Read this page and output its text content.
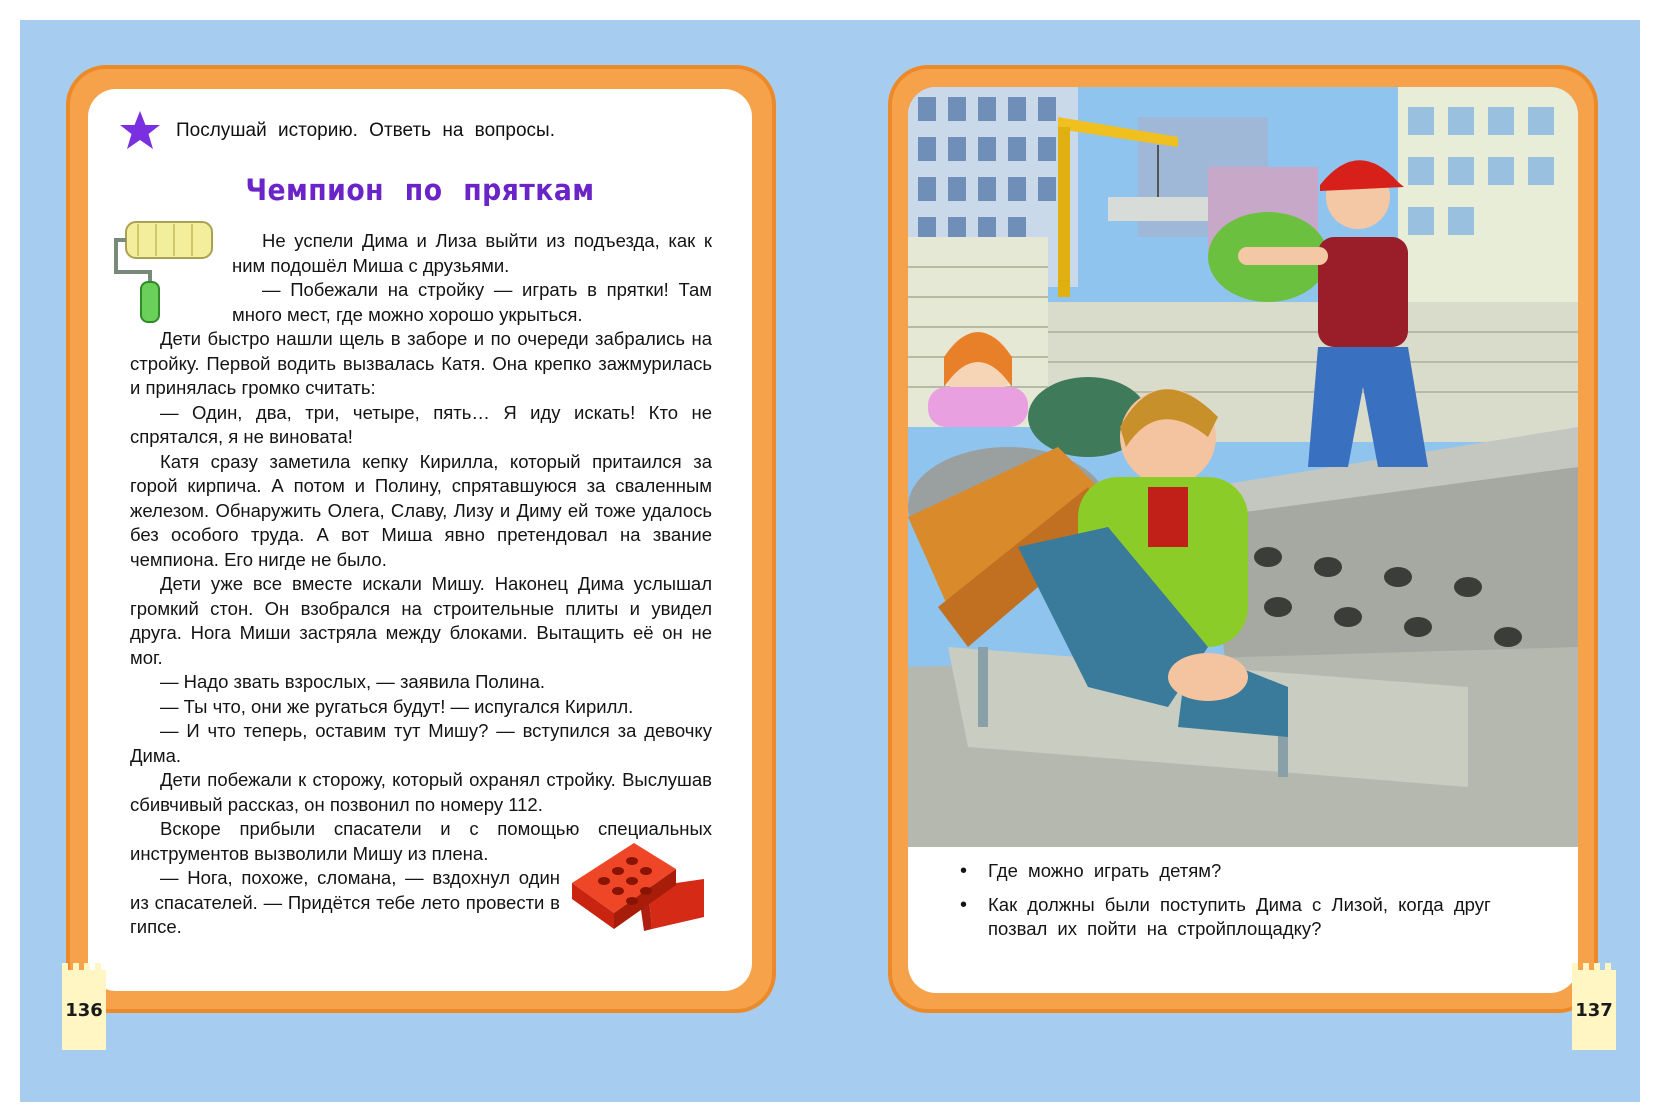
Послушай историю. Ответь на вопросы.
Чемпион по пряткам

Не успели Дима и Лиза выйти из подъезда, как к ним подошёл Миша с друзьями.

— Побежали на стройку — играть в прятки! Там много мест, где можно хорошо укрыться.

Дети быстро нашли щель в заборе и по очереди забрались на стройку. Первой водить вызвалась Катя. Она крепко зажмурилась и принялась громко считать:

— Один, два, три, четыре, пять… Я иду искать! Кто не спрятался, я не виновата!

Катя сразу заметила кепку Кирилла, который притаился за горой кирпича. А потом и Полину, спрятавшуюся за сваленным железом. Обнаружить Олега, Славу, Лизу и Диму ей тоже удалось без особого труда. А вот Миша явно претендовал на звание чемпиона. Его нигде не было.

Дети уже все вместе искали Мишу. Наконец Дима услышал громкий стон. Он взобрался на строительные плиты и увидел друга. Нога Миши застряла между блоками. Вытащить её он не мог.

— Надо звать взрослых, — заявила Полина.

— Ты что, они же ругаться будут! — испугался Кирилл.

— И что теперь, оставим тут Мишу? — вступился за девочку Дима.

Дети побежали к сторожу, который охранял стройку. Выслушав сбивчивый рассказ, он позвонил по номеру 112.

Вскоре прибыли спасатели и с помощью специальных инструментов вызволили Мишу из плена.

— Нога, похоже, сломана, — вздохнул один из спасателей. — Придётся тебе лето провести в гипсе.

• Где можно играть детям?
• Как должны были поступить Дима с Лизой, когда друг позвал их пойти на стройплощадку?
136	137
